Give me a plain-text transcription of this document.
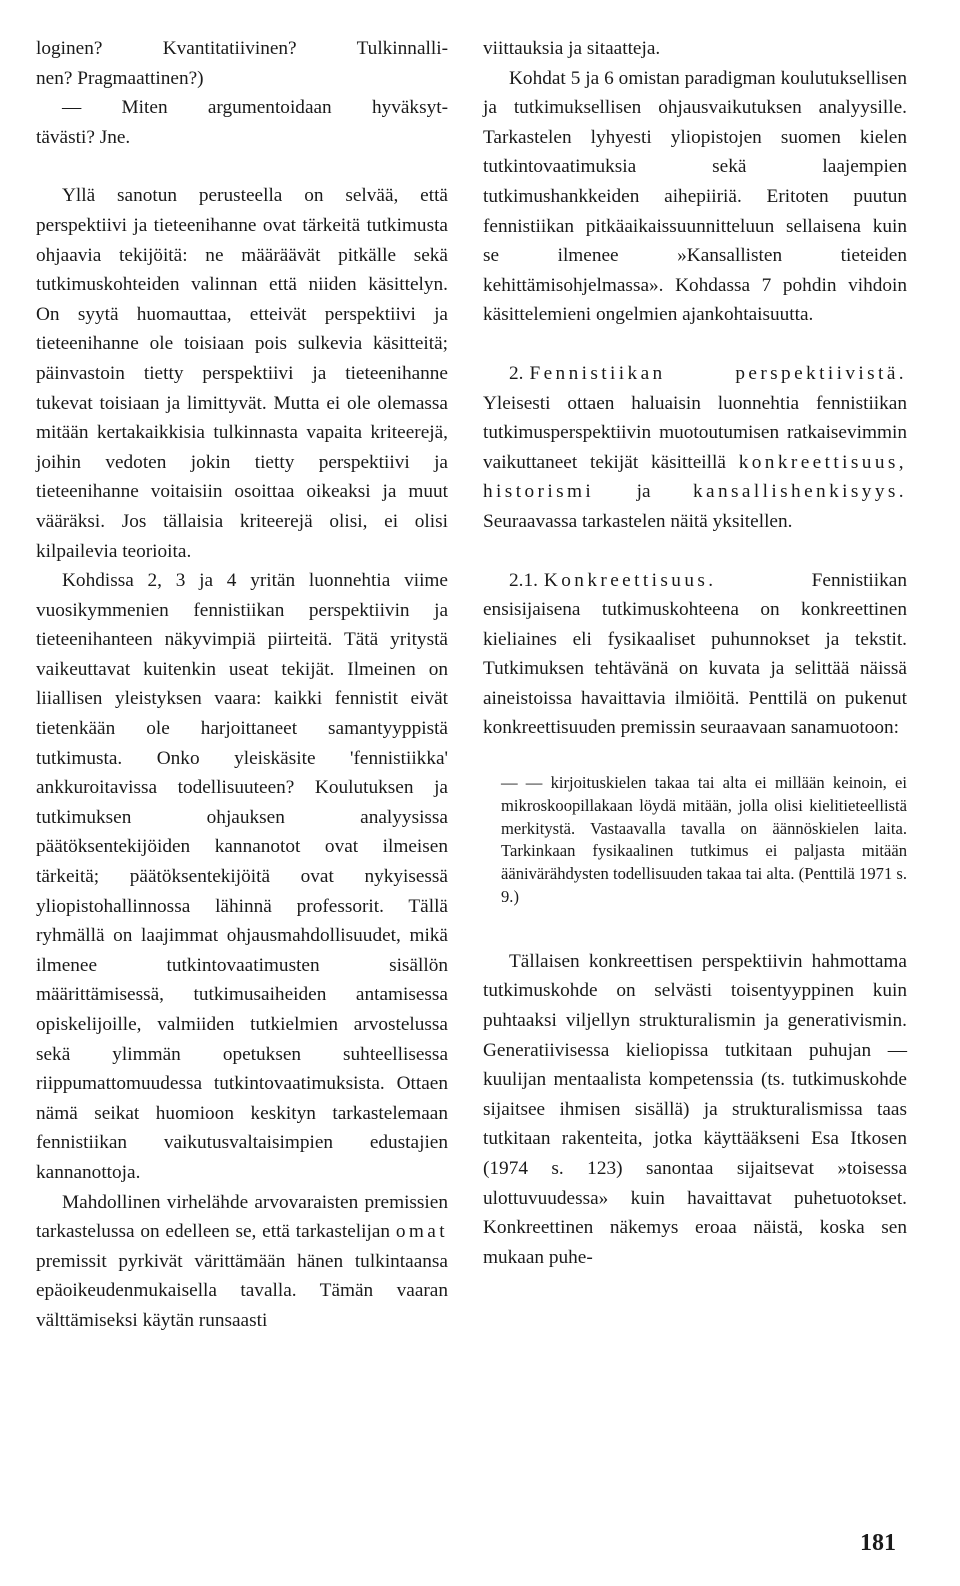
loginen? Kvantitatiivinen? Tulkinnalli-

nen? Pragmaattinen?)

— Miten argumentoidaan hyväksyt-

tävästi? Jne.

Yllä sanotun perusteella on selvää, että perspektiivi ja tieteenihanne ovat tärkeitä tutkimusta ohjaavia tekijöitä: ne määräävät pitkälle sekä tutkimuskohteiden valinnan että niiden käsittelyn. On syytä huomauttaa, etteivät perspektiivi ja tieteenihanne ole toisiaan pois sulkevia käsitteitä; päinvastoin tietty perspektiivi ja tieteenihanne tukevat toisiaan ja limittyvät. Mutta ei ole olemassa mitään kertakaikkisia tulkinnasta vapaita kriteerejä, joihin vedoten jokin tietty perspektiivi ja tieteenihanne voitaisiin osoittaa oikeaksi ja muut vääräksi. Jos tällaisia kriteerejä olisi, ei olisi kilpailevia teorioita.

Kohdissa 2, 3 ja 4 yritän luonnehtia viime vuosikymmenien fennistiikan perspektiivin ja tieteenihanteen näkyvimpiä piirteitä. Tätä yritystä vaikeuttavat kuitenkin useat tekijät. Ilmeinen on liiallisen yleistyksen vaara: kaikki fennistit eivät tietenkään ole harjoittaneet samantyyppistä tutkimusta. Onko yleiskäsite 'fennistiikka' ankkuroitavissa todellisuuteen? Koulutuksen ja tutkimuksen ohjauksen analyysissa päätöksentekijöiden kannanotot ovat ilmeisen tärkeitä; päätöksentekijöitä ovat nykyisessä yliopistohallinnossa lähinnä professorit. Tällä ryhmällä on laajimmat ohjausmahdollisuudet, mikä ilmenee tutkintovaatimusten sisällön määrittämisessä, tutkimusaiheiden antamisessa opiskelijoille, valmiiden tutkielmien arvostelussa sekä ylimmän opetuksen suhteellisessa riippumattomuudessa tutkintovaatimuksista. Ottaen nämä seikat huomioon keskityn tarkastelemaan fennistiikan vaikutusvaltaisimpien edustajien kannanottoja.

Mahdollinen virhelähde arvovaraisten premissien tarkastelussa on edelleen se, että tarkastelijan omat premissit pyrkivät värittämään hänen tulkintaansa epäoikeudenmukaisella tavalla. Tämän vaaran välttämiseksi käytän runsaasti

viittauksia ja sitaatteja.

Kohdat 5 ja 6 omistan paradigman koulutuksellisen ja tutkimuksellisen ohjausvaikutuksen analyysille. Tarkastelen lyhyesti yliopistojen suomen kielen tutkintovaatimuksia sekä laajempien tutkimushankkeiden aihepiiriä. Eritoten puutun fennistiikan pitkäaikaissuunnitteluun sellaisena kuin se ilmenee »Kansallisten tieteiden kehittämisohjelmassa». Kohdassa 7 pohdin vihdoin käsittelemieni ongelmien ajankohtaisuutta.

2. Fennistiikan perspektiivistä. Yleisesti ottaen haluaisin luonnehtia fennistiikan tutkimusperspektiivin muotoutumisen ratkaisevimmin vaikuttaneet tekijät käsitteillä konkreettisuus, historismi ja kansallishenkisyys. Seuraavassa tarkastelen näitä yksitellen.

2.1. Konkreettisuus.	Fennistiikan ensisijaisena tutkimuskohteena on konkreettinen kieliaines eli fysikaaliset puhunnokset ja tekstit. Tutkimuksen tehtävänä on kuvata ja selittää näissä aineistoissa havaittavia ilmiöitä. Penttilä on pukenut konkreettisuuden premissin seuraavaan sanamuotoon:

— — kirjoituskielen takaa tai alta ei millään keinoin, ei mikroskoopillakaan löydä mitään, jolla olisi kielitieteellistä merkitystä. Vastaavalla tavalla on äännöskielen laita. Tarkinkaan fysikaalinen tutkimus ei paljasta mitään äänivärähdysten todellisuuden takaa tai alta. (Penttilä 1971 s. 9.)

Tällaisen konkreettisen perspektiivin hahmottama tutkimuskohde on selvästi toisentyyppinen kuin puhtaaksi viljellyn strukturalismin ja generativismin. Generatiivisessa kieliopissa tutkitaan puhujan —kuulijan mentaalista kompetenssia (ts. tutkimuskohde sijaitsee ihmisen sisällä) ja strukturalismissa taas tutkitaan rakenteita, jotka käyttääkseni Esa Itkosen (1974 s. 123) sanontaa sijaitsevat »toisessa ulottuvuudessa» kuin havaittavat puhetuotokset. Konkreettinen näkemys eroaa näistä, koska sen mukaan puhe-

181
